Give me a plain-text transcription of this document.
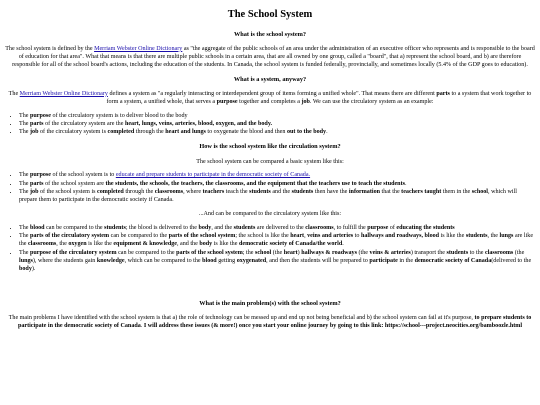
The School System
What is the school system?

The school system is defined by the Merriam Webster Online Dictionary as "the aggregate of the public schools of an area under the administration of an executive officer who represents and is responsible to the board of education for that area". What that means is that there are multiple public schools in a certain area, that are all owned by one group, called a "board", that a) represent the school board, and b) are therefore responsible for all of the school board's actions, including the education of the students. In Canada, the school system is funded federally, provincially, and sometimes locally (5.4% of the GDP goes to education).

What is a system, anyway?

The Merriam Webster Online Dictionary defines a system as "a regularly interacting or interdependent group of items forming a unified whole". That means there are different parts to a system that work together to form a system, a unified whole, that serves a purpose together and completes a job. We can use the circulatory system as an example:

• The purpose of the circulatory system is to deliver blood to the body
• The parts of the circulatory system are the heart, lungs, veins, arteries, blood, oxygen, and the body.
• The job of the circulatory system is completed through the heart and lungs to oxygenate the blood and then out to the body.
How is the school system like the circulation system?

The school system can be compared a basic system like this:

• The purpose of the school system is to educate and prepare students to participate in the democratic society of Canada.
• The parts of the school system are the students, the schools, the teachers, the classrooms, and the equipment that the teachers use to teach the students.
• The job of the school system is completed through the classrooms, where teachers teach the students and the students then have the information that the teachers taught them in the school, which will prepare them to participate in the democratic society if Canada.

...And can be compared to the circulatory system like this:

• The blood can be compared to the students; the blood is delivered to the body, and the students are delivered to the classrooms, to fulfill the purpose of educating the students
• The parts of the circulatory system can be compared to the parts of the school system; the school is like the heart, veins and arteries to hallways and roadways, blood is like the students, the lungs are like the classrooms, the oxygen is like the equipment & knowledge, and the body is like the democratic society of Canada/the world.
• The purpose of the circulatory system can be compared to the parts of the school system; the school (the heart) hallways & roadways (the veins & arteries) transport the students to the classrooms (the lungs), where the students gain knowledge, which can be compared to the blood getting oxygenated, and then the students will be prepared to participate in the democratic society of Canada(delivered to the body).
What is the main problem(s) with the school system?

The main problems I have identified with the school system is that a) the role of technology can be messed up and end up not being beneficial and b) the school system can fail at it's purpose, to prepare students to participate in the democratic society of Canada. I will address these issues (& more!) once you start your online journey by going to this link: https://school---project.neocities.org/bamboozle.html
